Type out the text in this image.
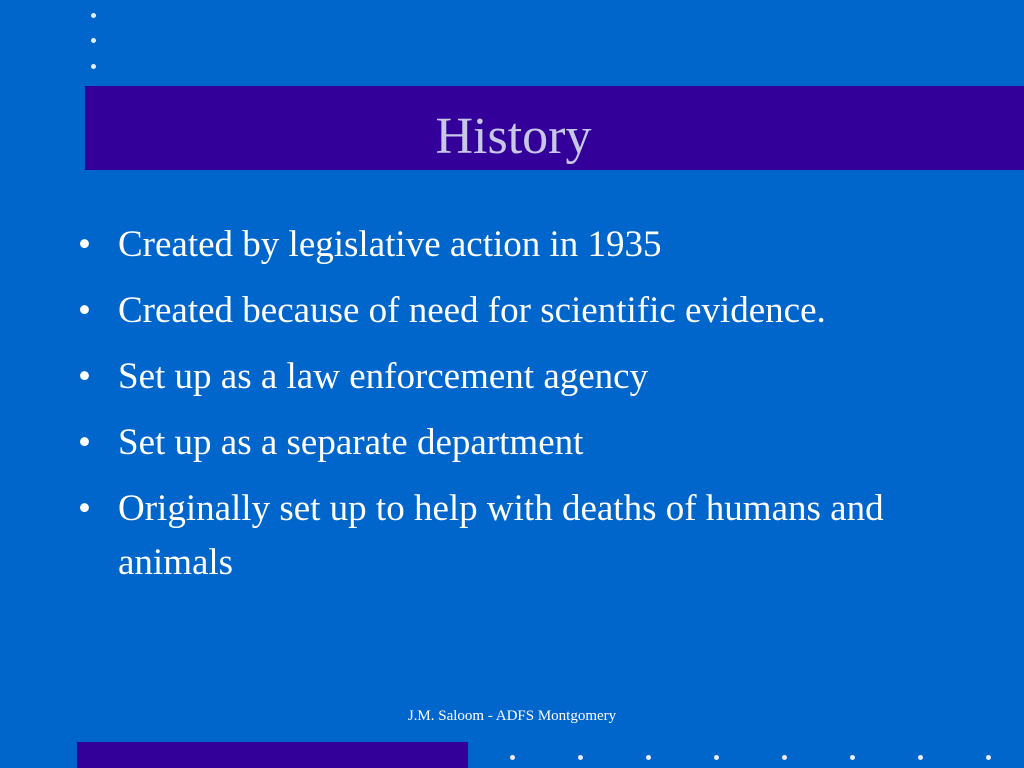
History
• Created by legislative action in 1935
• Created because of need for scientific evidence.
• Set up as a law enforcement agency
• Set up as a separate department
• Originally set up to help with deaths of humans and animals
J.M. Saloom - ADFS Montgomery
